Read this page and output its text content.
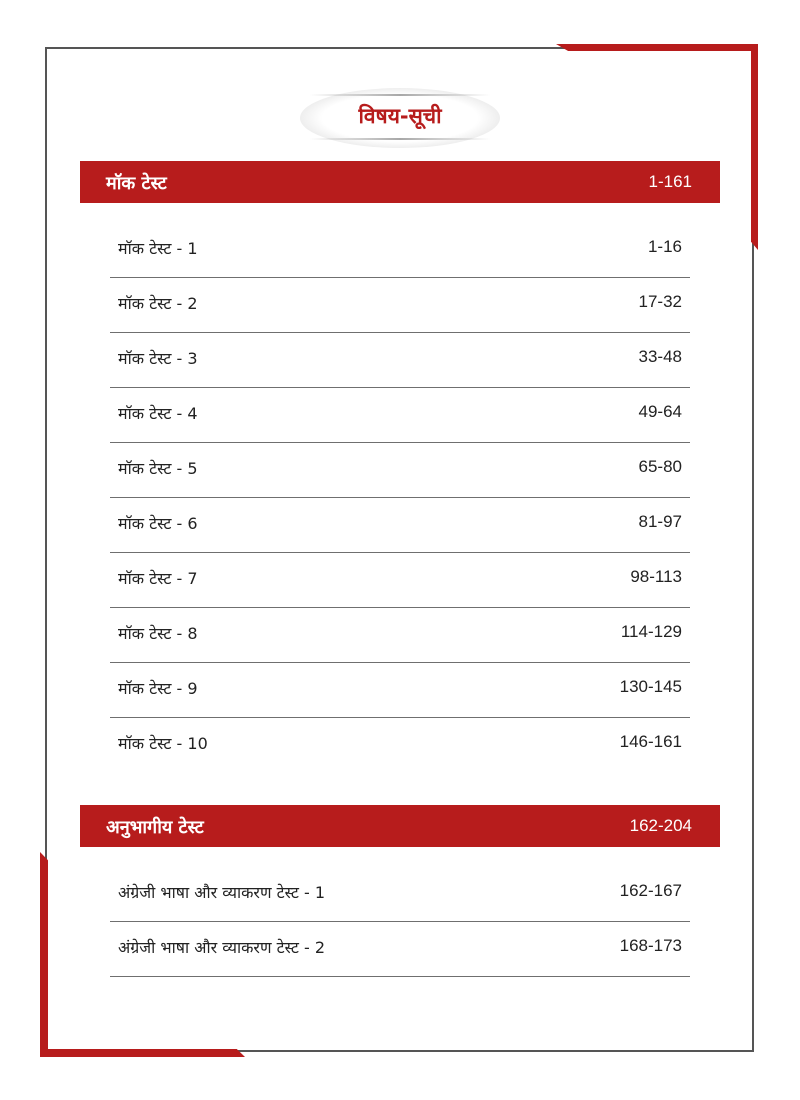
विषय-सूची
मॉक टेस्ट	1-161
मॉक टेस्ट - 1	1-16
मॉक टेस्ट - 2	17-32
मॉक टेस्ट - 3	33-48
मॉक टेस्ट - 4	49-64
मॉक टेस्ट - 5	65-80
मॉक टेस्ट - 6	81-97
मॉक टेस्ट - 7	98-113
मॉक टेस्ट - 8	114-129
मॉक टेस्ट - 9	130-145
मॉक टेस्ट - 10	146-161
अनुभागीय टेस्ट	162-204
अंग्रेजी भाषा और व्याकरण टेस्ट - 1	162-167
अंग्रेजी भाषा और व्याकरण टेस्ट - 2	168-173
